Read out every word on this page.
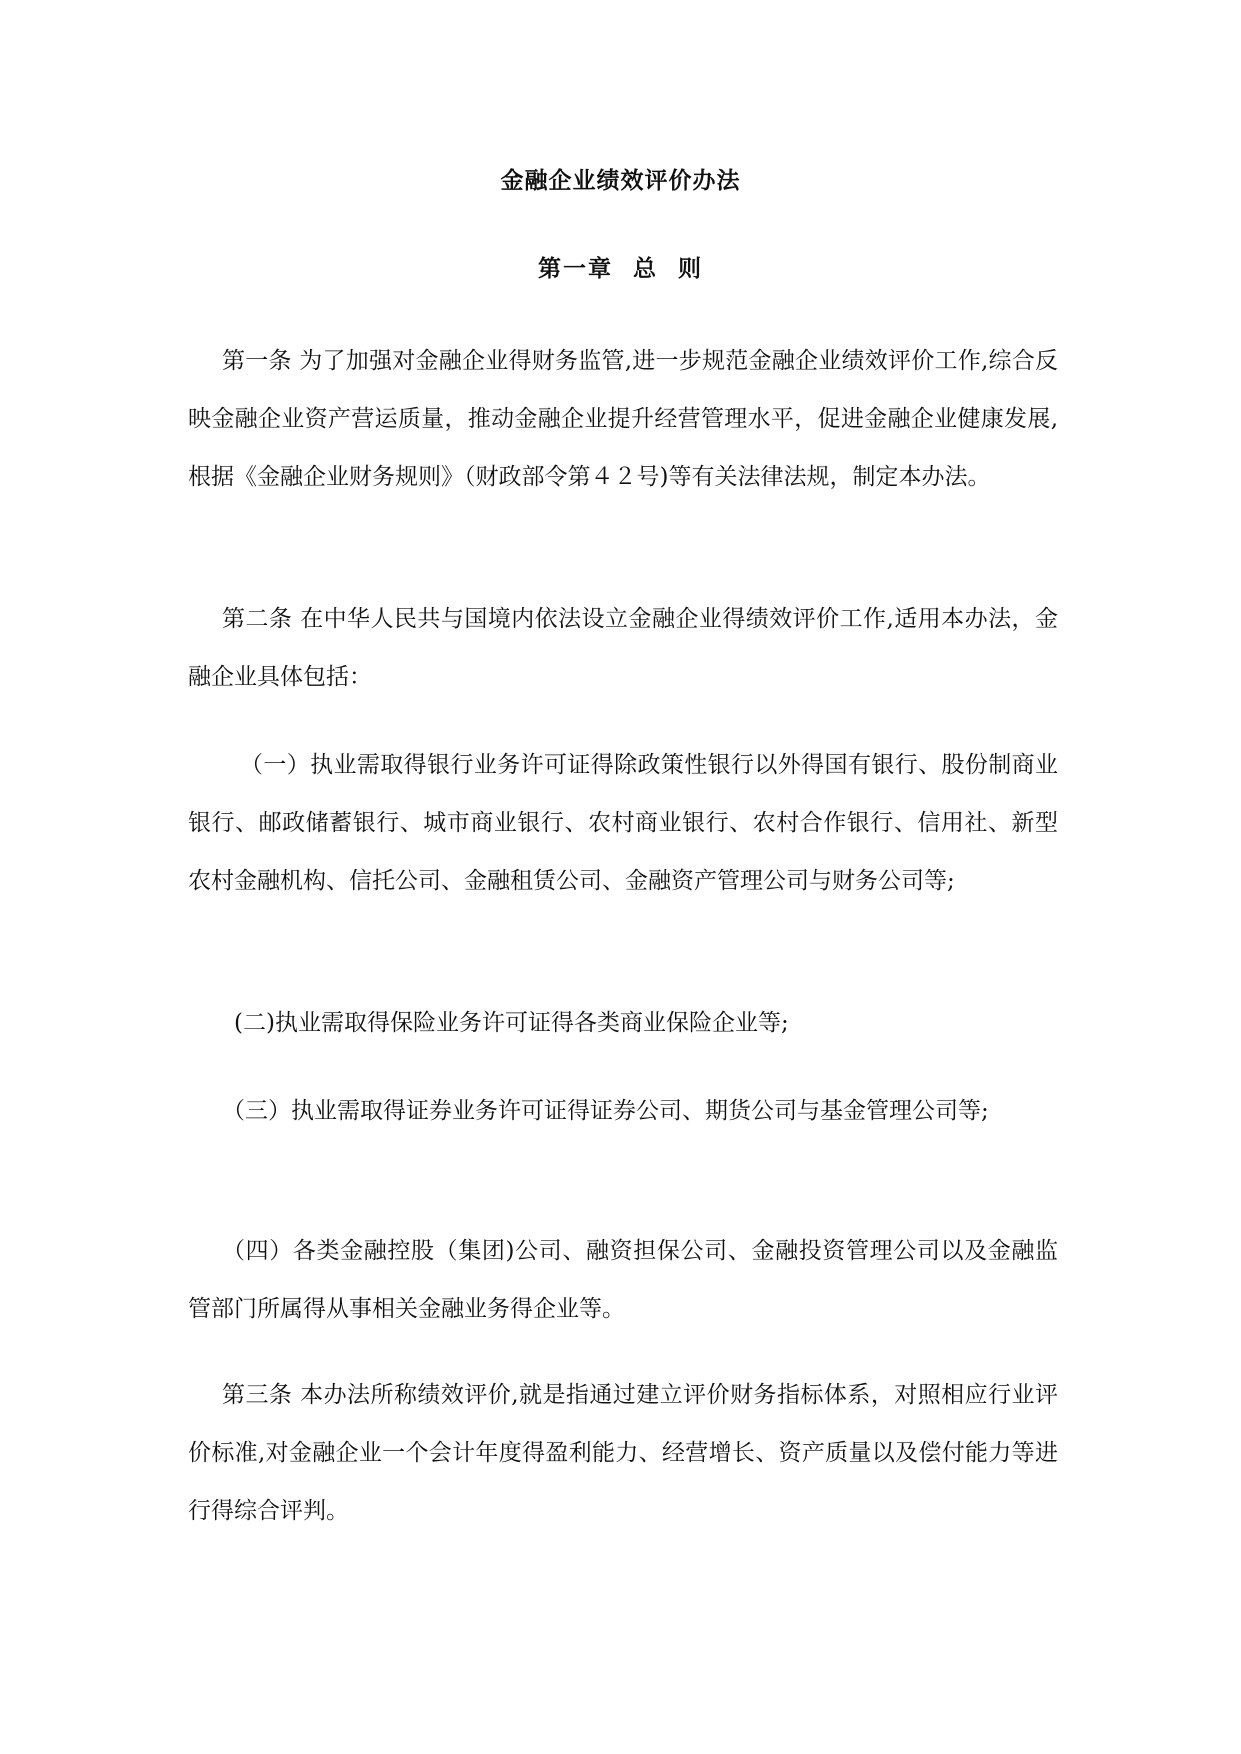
金融企业绩效评价办法
第一章  总  则

第一条 为了加强对金融企业得财务监管,进一步规范金融企业绩效评价工作,综合反映金融企业资产营运质量，推动金融企业提升经营管理水平，促进金融企业健康发展,根据《金融企业财务规则》（财政部令第４２号)等有关法律法规，制定本办法。

第二条 在中华人民共与国境内依法设立金融企业得绩效评价工作,适用本办法，金融企业具体包括：

（一）执业需取得银行业务许可证得除政策性银行以外得国有银行、股份制商业银行、邮政储蓄银行、城市商业银行、农村商业银行、农村合作银行、信用社、新型农村金融机构、信托公司、金融租赁公司、金融资产管理公司与财务公司等;

(二)执业需取得保险业务许可证得各类商业保险企业等;

（三）执业需取得证券业务许可证得证券公司、期货公司与基金管理公司等;

（四）各类金融控股（集团)公司、融资担保公司、金融投资管理公司以及金融监管部门所属得从事相关金融业务得企业等。

第三条 本办法所称绩效评价,就是指通过建立评价财务指标体系，对照相应行业评价标准,对金融企业一个会计年度得盈利能力、经营增长、资产质量以及偿付能力等进行得综合评判。
